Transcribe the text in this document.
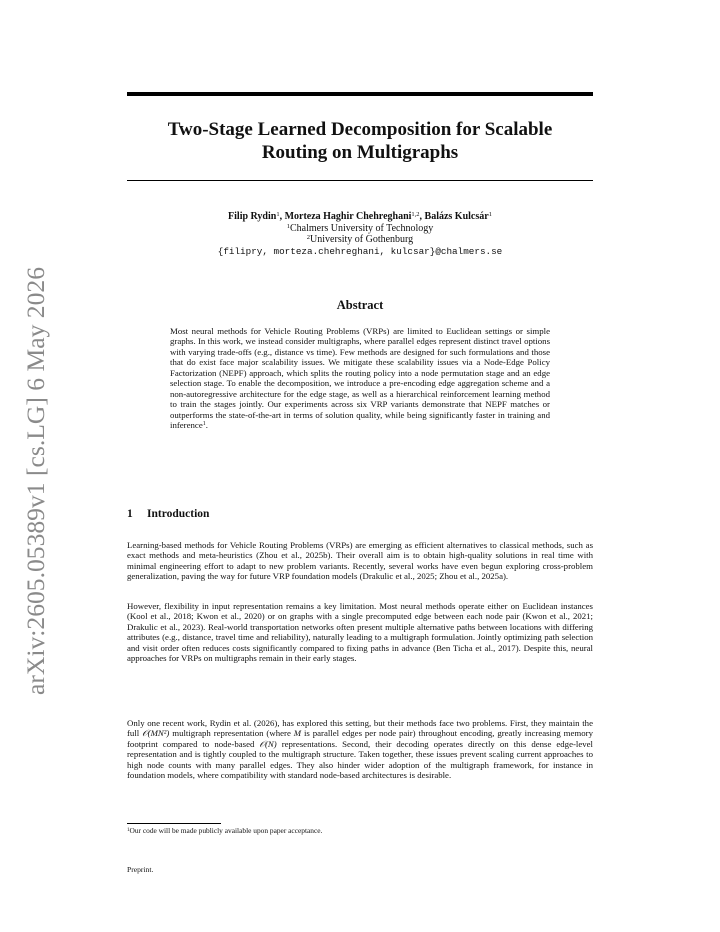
arXiv:2605.05389v1 [cs.LG] 6 May 2026
Two-Stage Learned Decomposition for Scalable
Routing on Multigraphs
Filip Rydin$^1$, Morteza Haghir Chehreghani$^{1,2}$, Balázs Kulcsár$^1$
$^1$Chalmers University of Technology
$^2$University of Gothenburg
{filipry, morteza.chehreghani, kulcsar}@chalmers.se
Abstract

Most neural methods for Vehicle Routing Problems (VRPs) are limited to Euclidean settings or simple graphs. In this work, we instead consider multigraphs, where parallel edges represent distinct travel options with varying trade-offs (e.g., distance vs time). Few methods are designed for such formulations and those that do exist face major scalability issues. We mitigate these scalability issues via a Node-Edge Policy Factorization (NEPF) approach, which splits the routing policy into a node permutation stage and an edge selection stage. To enable the decomposition, we introduce a pre-encoding edge aggregation scheme and a non-autoregressive architecture for the edge stage, as well as a hierarchical reinforcement learning method to train the stages jointly. Our experiments across six VRP variants demonstrate that NEPF matches or outperforms the state-of-the-art in terms of solution quality, while being significantly faster in training and inference$^1$.

1 Introduction

Learning-based methods for Vehicle Routing Problems (VRPs) are emerging as efficient alternatives to classical methods, such as exact methods and meta-heuristics (Zhou et al., 2025b). Their overall aim is to obtain high-quality solutions in real time with minimal engineering effort to adapt to new problem variants. Recently, several works have even begun exploring cross-problem generalization, paving the way for future VRP foundation models (Drakulic et al., 2025; Zhou et al., 2025a).

However, flexibility in input representation remains a key limitation. Most neural methods operate either on Euclidean instances (Kool et al., 2018; Kwon et al., 2020) or on graphs with a single precomputed edge between each node pair (Kwon et al., 2021; Drakulic et al., 2023). Real-world transportation networks often present multiple alternative paths between locations with differing attributes (e.g., distance, travel time and reliability), naturally leading to a multigraph formulation. Jointly optimizing path selection and visit order often reduces costs significantly compared to fixing paths in advance (Ben Ticha et al., 2017). Despite this, neural approaches for VRPs on multigraphs remain in their early stages.

Only one recent work, Rydin et al. (2026), has explored this setting, but their methods face two problems. First, they maintain the full 𝒪(MN²) multigraph representation (where M is parallel edges per node pair) throughout encoding, greatly increasing memory footprint compared to node-based 𝒪(N) representations. Second, their decoding operates directly on this dense edge-level representation and is tightly coupled to the multigraph structure. Taken together, these issues prevent scaling current approaches to high node counts with many parallel edges. They also hinder wider adoption of the multigraph framework, for instance in foundation models, where compatibility with standard node-based architectures is desirable.

$^1$Our code will be made publicly available upon paper acceptance.
Preprint.
